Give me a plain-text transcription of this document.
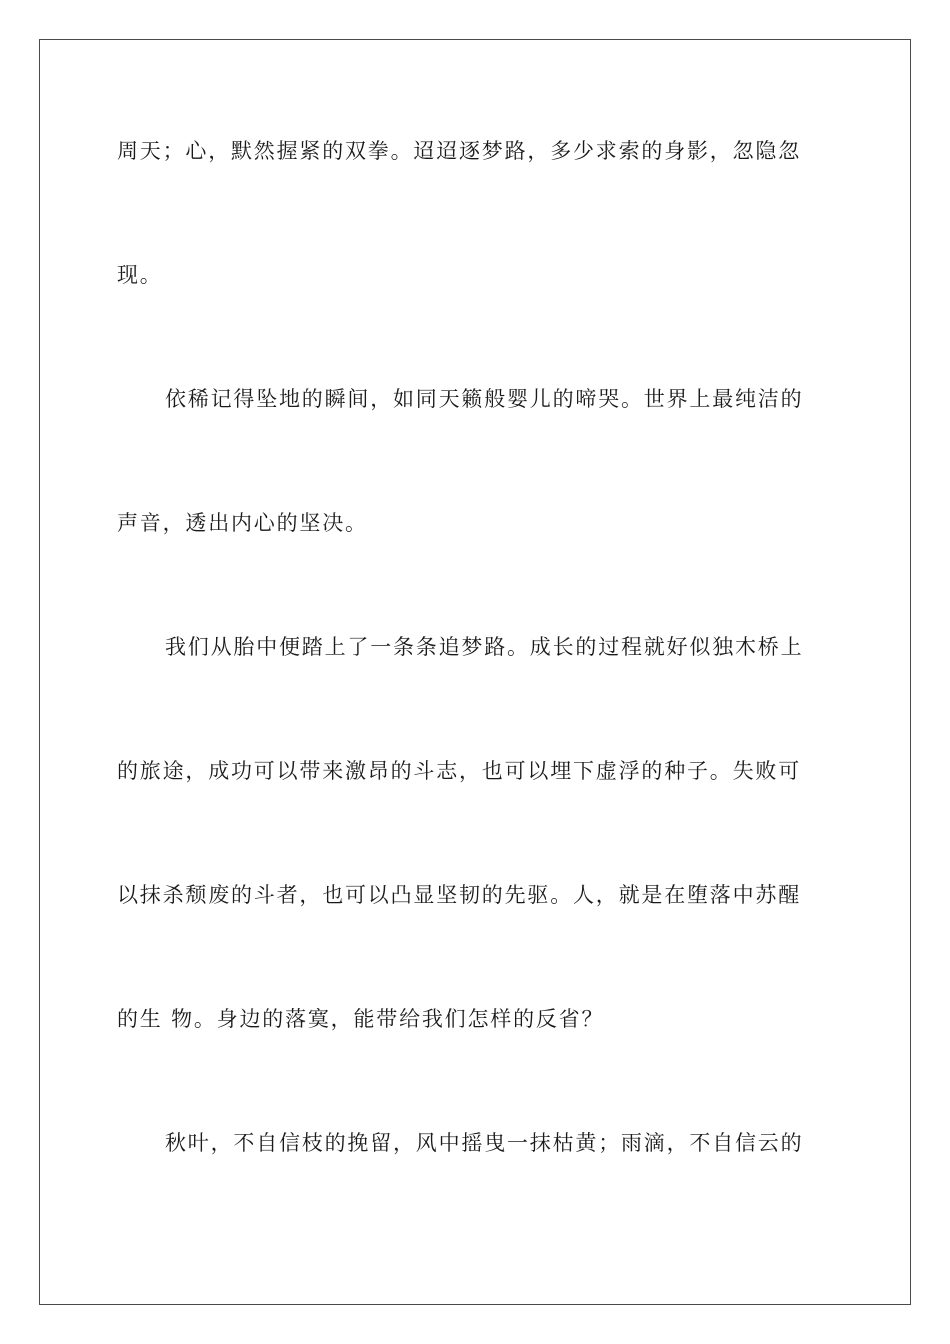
周天；心，默然握紧的双拳。迢迢逐梦路，多少求索的身影，忽隐忽
现。
依稀记得坠地的瞬间，如同天籁般婴儿的啼哭。世界上最纯洁的
声音，透出内心的坚决。
我们从胎中便踏上了一条条追梦路。成长的过程就好似独木桥上
的旅途，成功可以带来激昂的斗志，也可以埋下虚浮的种子。失败可
以抹杀颓废的斗者，也可以凸显坚韧的先驱。人，就是在堕落中苏醒
的生 物。身边的落寞，能带给我们怎样的反省？
秋叶，不自信枝的挽留，风中摇曳一抹枯黄；雨滴，不自信云的
